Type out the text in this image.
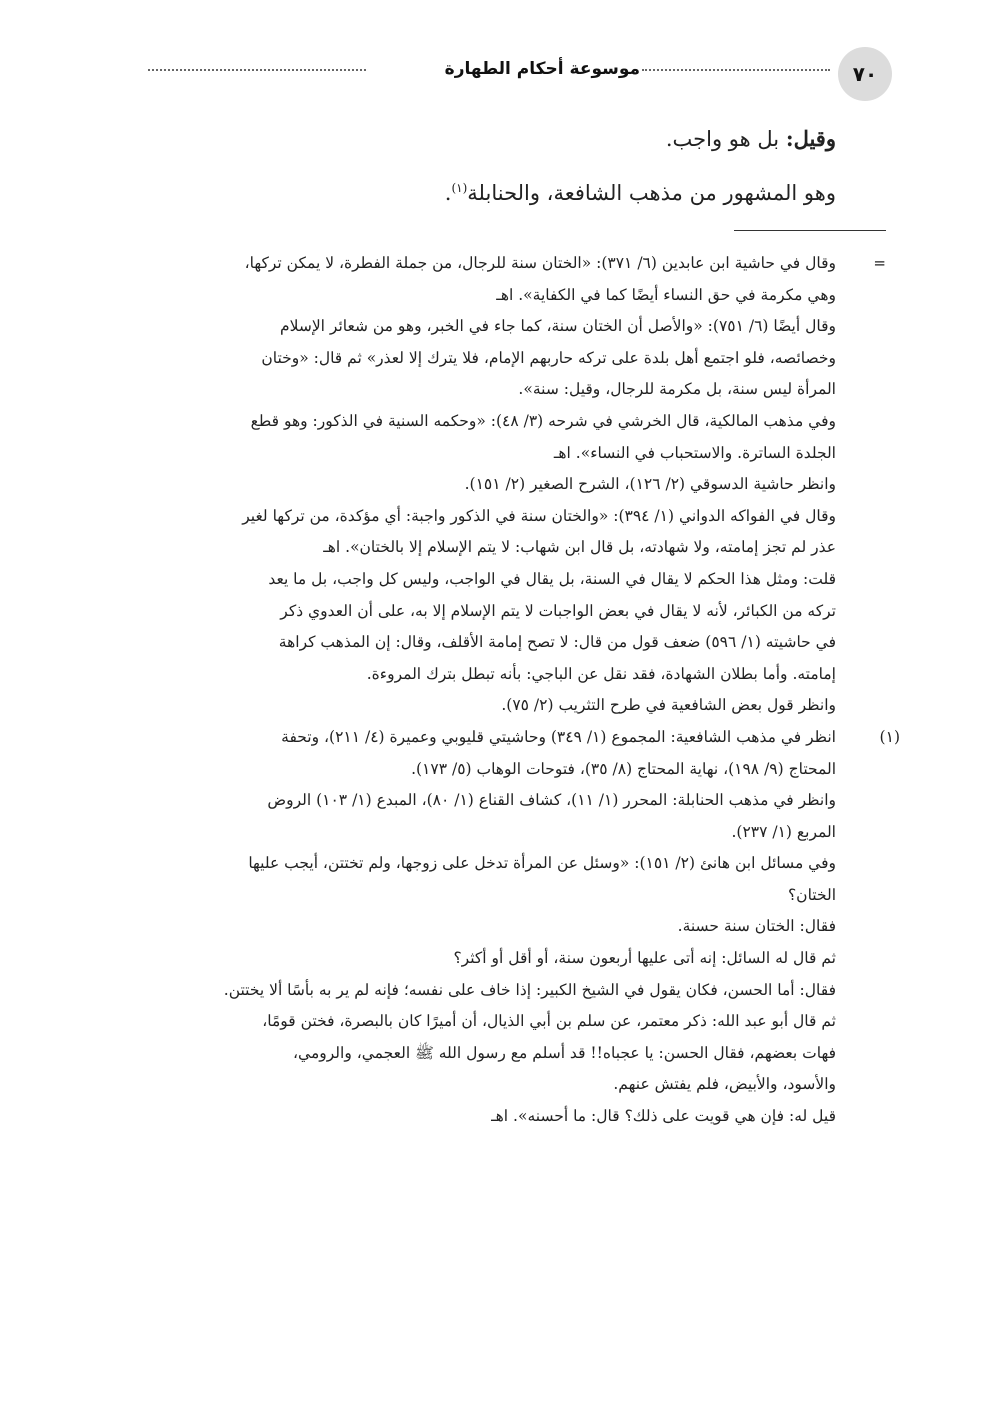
٧٠
موسوعة أحكام الطهارة

وقيل: بل هو واجب.

وهو المشهور من مذهب الشافعة، والحنابلة$^{(١)}$.

=
وقال في حاشية ابن عابدين (٦/ ٣٧١): «الختان سنة للرجال، من جملة الفطرة، لا يمكن تركها،

وهي مكرمة في حق النساء أيضًا كما في الكفاية». اهـ

وقال أيضًا (٦/ ٧٥١): «والأصل أن الختان سنة، كما جاء في الخبر، وهو من شعائر الإسلام

وخصائصه، فلو اجتمع أهل بلدة على تركه حاربهم الإمام، فلا يترك إلا لعذر» ثم قال: «وختان

المرأة ليس سنة، بل مكرمة للرجال، وقيل: سنة».

وفي مذهب المالكية، قال الخرشي في شرحه (٣/ ٤٨): «وحكمه السنية في الذكور: وهو قطع

الجلدة الساترة. والاستحباب في النساء». اهـ

وانظر حاشية الدسوقي (٢/ ١٢٦)، الشرح الصغير (٢/ ١٥١).

وقال في الفواكه الدواني (١/ ٣٩٤): «والختان سنة في الذكور واجبة: أي مؤكدة، من تركها لغير

عذر لم تجز إمامته، ولا شهادته، بل قال ابن شهاب: لا يتم الإسلام إلا بالختان». اهـ

قلت: ومثل هذا الحكم لا يقال في السنة، بل يقال في الواجب، وليس كل واجب، بل ما يعد

تركه من الكبائر، لأنه لا يقال في بعض الواجبات لا يتم الإسلام إلا به، على أن العدوي ذكر

في حاشيته (١/ ٥٩٦) ضعف قول من قال: لا تصح إمامة الأقلف، وقال: إن المذهب كراهة

إمامته. وأما بطلان الشهادة، فقد نقل عن الباجي: بأنه تبطل بترك المروءة.

وانظر قول بعض الشافعية في طرح التثريب (٢/ ٧٥).

(١)
انظر في مذهب الشافعية: المجموع (١/ ٣٤٩) وحاشيتي قليوبي وعميرة (٤/ ٢١١)، وتحفة

المحتاج (٩/ ١٩٨)، نهاية المحتاج (٨/ ٣٥)، فتوحات الوهاب (٥/ ١٧٣).

وانظر في مذهب الحنابلة: المحرر (١/ ١١)، كشاف القناع (١/ ٨٠)، المبدع (١/ ١٠٣) الروض

المربع (١/ ٢٣٧).

وفي مسائل ابن هانئ (٢/ ١٥١): «وسئل عن المرأة تدخل على زوجها، ولم تختتن، أيجب عليها

الختان؟

فقال: الختان سنة حسنة.

ثم قال له السائل: إنه أتى عليها أربعون سنة، أو أقل أو أكثر؟

فقال: أما الحسن، فكان يقول في الشيخ الكبير: إذا خاف على نفسه؛ فإنه لم ير به بأسًا ألا يختتن.

ثم قال أبو عبد الله: ذكر معتمر، عن سلم بن أبي الذيال، أن أميرًا كان بالبصرة، فختن قومًا،

فهات بعضهم، فقال الحسن: يا عجباه!! قد أسلم مع رسول الله ﷺ العجمي، والرومي،

والأسود، والأبيض، فلم يفتش عنهم.

قيل له: فإن هي قويت على ذلك؟ قال: ما أحسنه». اهـ
